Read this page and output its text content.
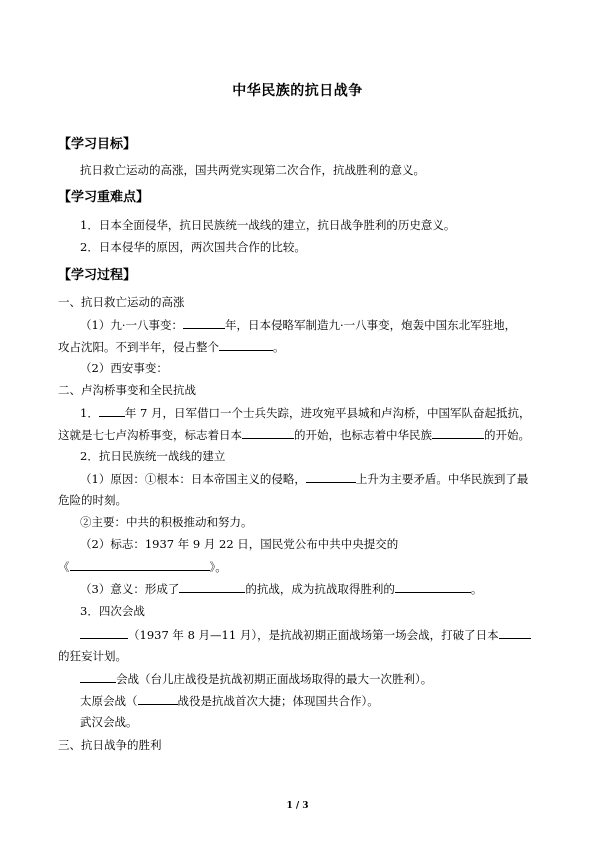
中华民族的抗日战争
【学习目标】
抗日救亡运动的高涨，国共两党实现第二次合作，抗战胜利的意义。
【学习重难点】
1．日本全面侵华，抗日民族统一战线的建立，抗日战争胜利的历史意义。
2．日本侵华的原因，两次国共合作的比较。
【学习过程】
一、抗日救亡运动的高涨
（1）九·一八事变：	年，日本侵略军制造九·一八事变，炮轰中国东北军驻地，
攻占沈阳。不到半年，侵占整个	。
（2）西安事变：
二、卢沟桥事变和全民抗战
1． 年 7 月，日军借口一个士兵失踪，进攻宛平县城和卢沟桥，中国军队奋起抵抗，
这就是七七卢沟桥事变，标志着日本	的开始，也标志着中华民族	的开始。
2．抗日民族统一战线的建立
（1）原因：①根本：日本帝国主义的侵略，	上升为主要矛盾。中华民族到了最
危险的时刻。
②主要：中共的积极推动和努力。
（2）标志：1937 年 9 月 22 日，国民党公布中共中央提交的
《	》。
（3）意义：形成了	的抗战，成为抗战取得胜利的	。
3．四次会战
（1937 年 8 月—11 月），是抗战初期正面战场第一场会战，打破了日本
的狂妄计划。
会战（台儿庄战役是抗战初期正面战场取得的最大一次胜利）。
太原会战（	战役是抗战首次大捷；体现国共合作）。
武汉会战。
三、抗日战争的胜利
1 / 3
